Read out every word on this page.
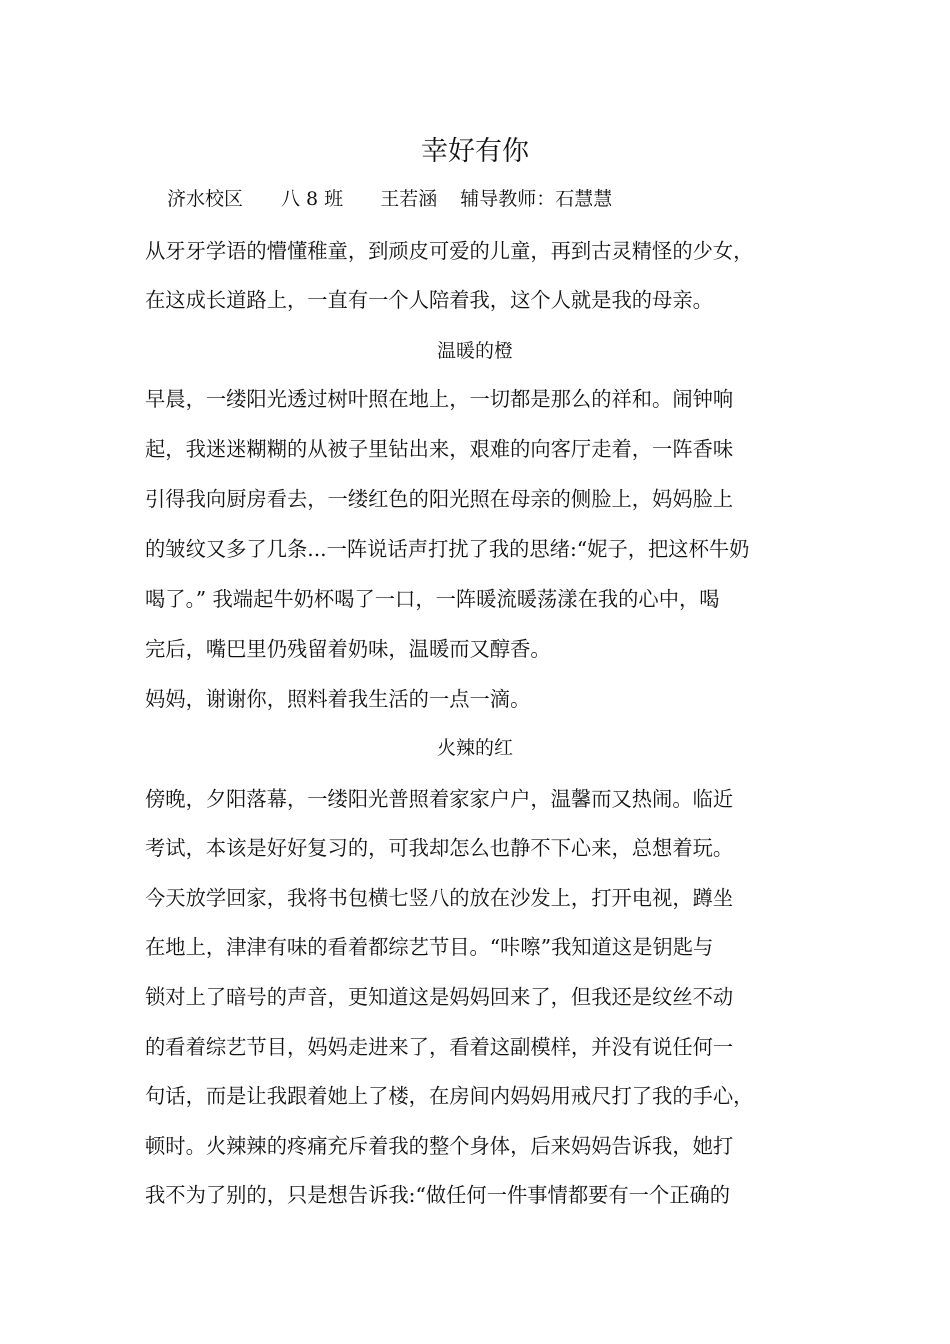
幸好有你
济水校区 八 8 班 王若涵 辅导教师：石慧慧
从牙牙学语的懵懂稚童，到顽皮可爱的儿童，再到古灵精怪的少女，
在这成长道路上，一直有一个人陪着我，这个人就是我的母亲。
温暖的橙
早晨，一缕阳光透过树叶照在地上，一切都是那么的祥和。闹钟响
起，我迷迷糊糊的从被子里钻出来，艰难的向客厅走着，一阵香味
引得我向厨房看去，一缕红色的阳光照在母亲的侧脸上，妈妈脸上
的皱纹又多了几条...一阵说话声打扰了我的思绪:“妮子，把这杯牛奶
喝了。” 我端起牛奶杯喝了一口，一阵暖流暖荡漾在我的心中，喝
完后，嘴巴里仍残留着奶味，温暖而又醇香。
妈妈，谢谢你，照料着我生活的一点一滴。
火辣的红
傍晚，夕阳落幕，一缕阳光普照着家家户户，温馨而又热闹。临近
考试，本该是好好复习的，可我却怎么也静不下心来，总想着玩。
今天放学回家，我将书包横七竖八的放在沙发上，打开电视，蹲坐
在地上，津津有味的看着都综艺节目。“咔嚓”我知道这是钥匙与
锁对上了暗号的声音，更知道这是妈妈回来了，但我还是纹丝不动
的看着综艺节目，妈妈走进来了，看着这副模样，并没有说任何一
句话，而是让我跟着她上了楼，在房间内妈妈用戒尺打了我的手心，
顿时。火辣辣的疼痛充斥着我的整个身体，后来妈妈告诉我，她打
我不为了别的，只是想告诉我:“做任何一件事情都要有一个正确的
